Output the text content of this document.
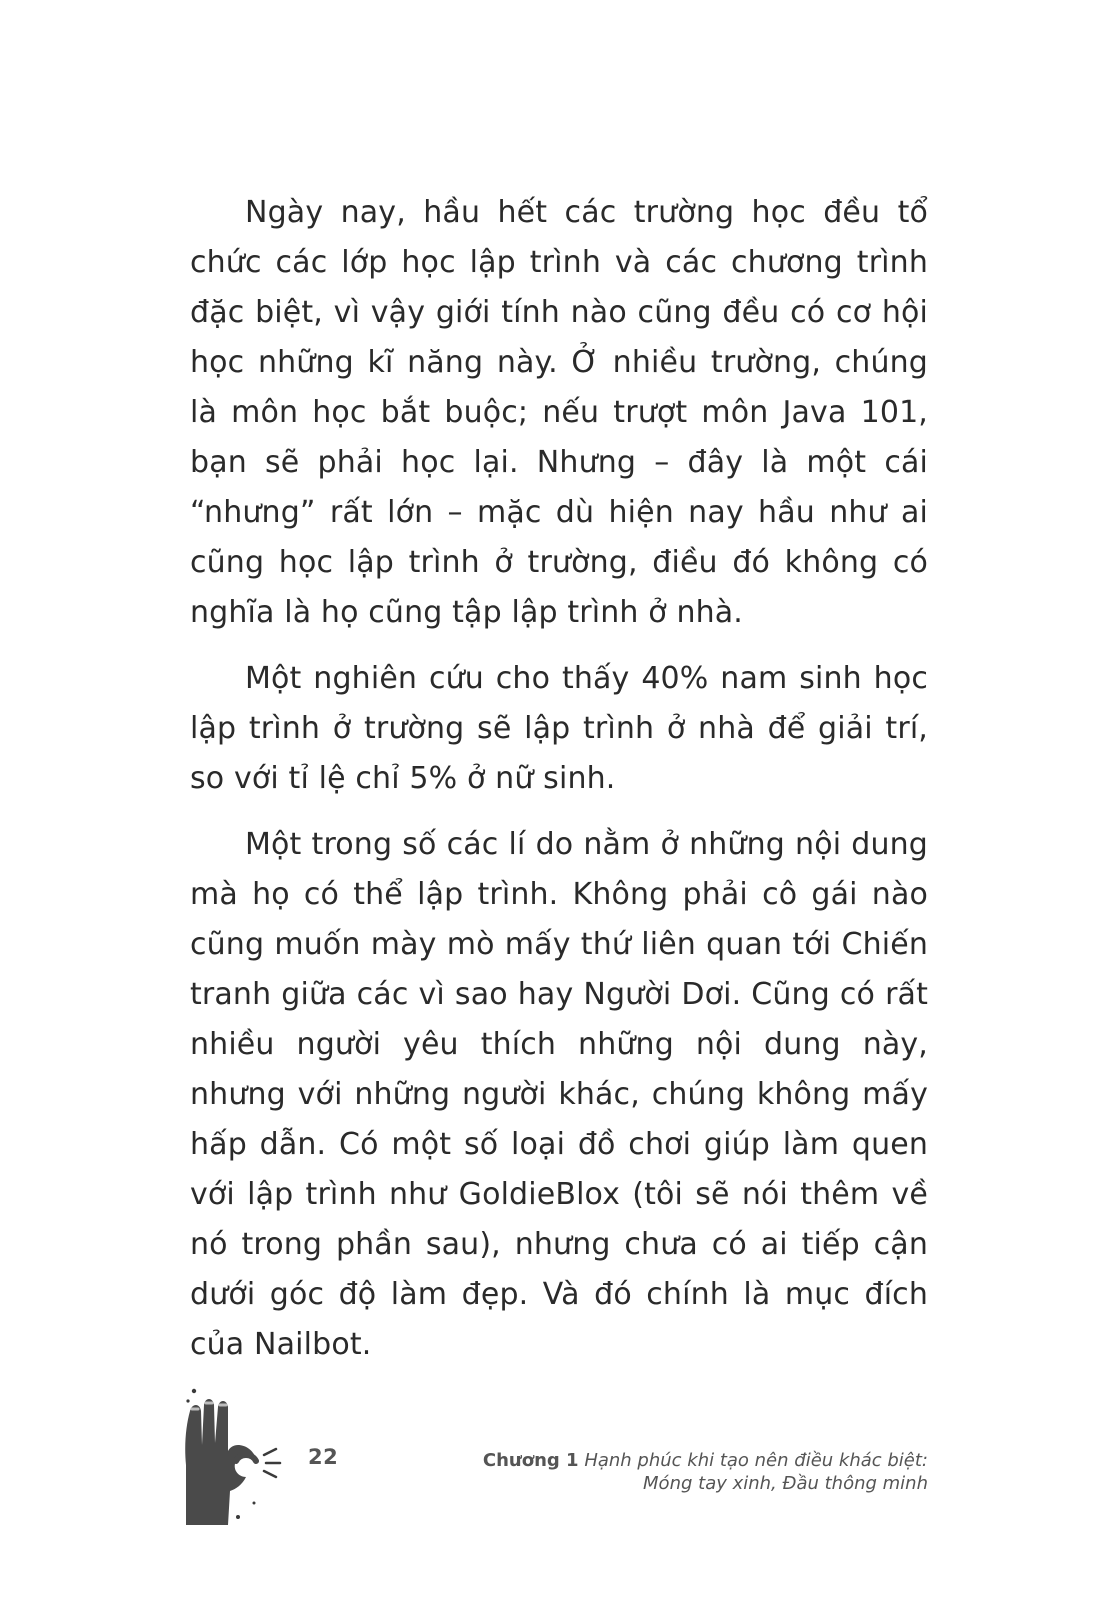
Ngày nay, hầu hết các trường học đều tổ chức các lớp học lập trình và các chương trình đặc biệt, vì vậy giới tính nào cũng đều có cơ hội học những kĩ năng này. Ở nhiều trường, chúng là môn học bắt buộc; nếu trượt môn Java 101, bạn sẽ phải học lại. Nhưng – đây là một cái “nhưng” rất lớn – mặc dù hiện nay hầu như ai cũng học lập trình ở trường, điều đó không có nghĩa là họ cũng tập lập trình ở nhà.

Một nghiên cứu cho thấy 40% nam sinh học lập trình ở trường sẽ lập trình ở nhà để giải trí, so với tỉ lệ chỉ 5% ở nữ sinh.

Một trong số các lí do nằm ở những nội dung mà họ có thể lập trình. Không phải cô gái nào cũng muốn mày mò mấy thứ liên quan tới Chiến tranh giữa các vì sao hay Người Dơi. Cũng có rất nhiều người yêu thích những nội dung này, nhưng với những người khác, chúng không mấy hấp dẫn. Có một số loại đồ chơi giúp làm quen với lập trình như GoldieBlox (tôi sẽ nói thêm về nó trong phần sau), nhưng chưa có ai tiếp cận dưới góc độ làm đẹp. Và đó chính là mục đích của Nailbot.

22	Chương 1 Hạnh phúc khi tạo nên điều khác biệt:
Móng tay xinh, Đầu thông minh
